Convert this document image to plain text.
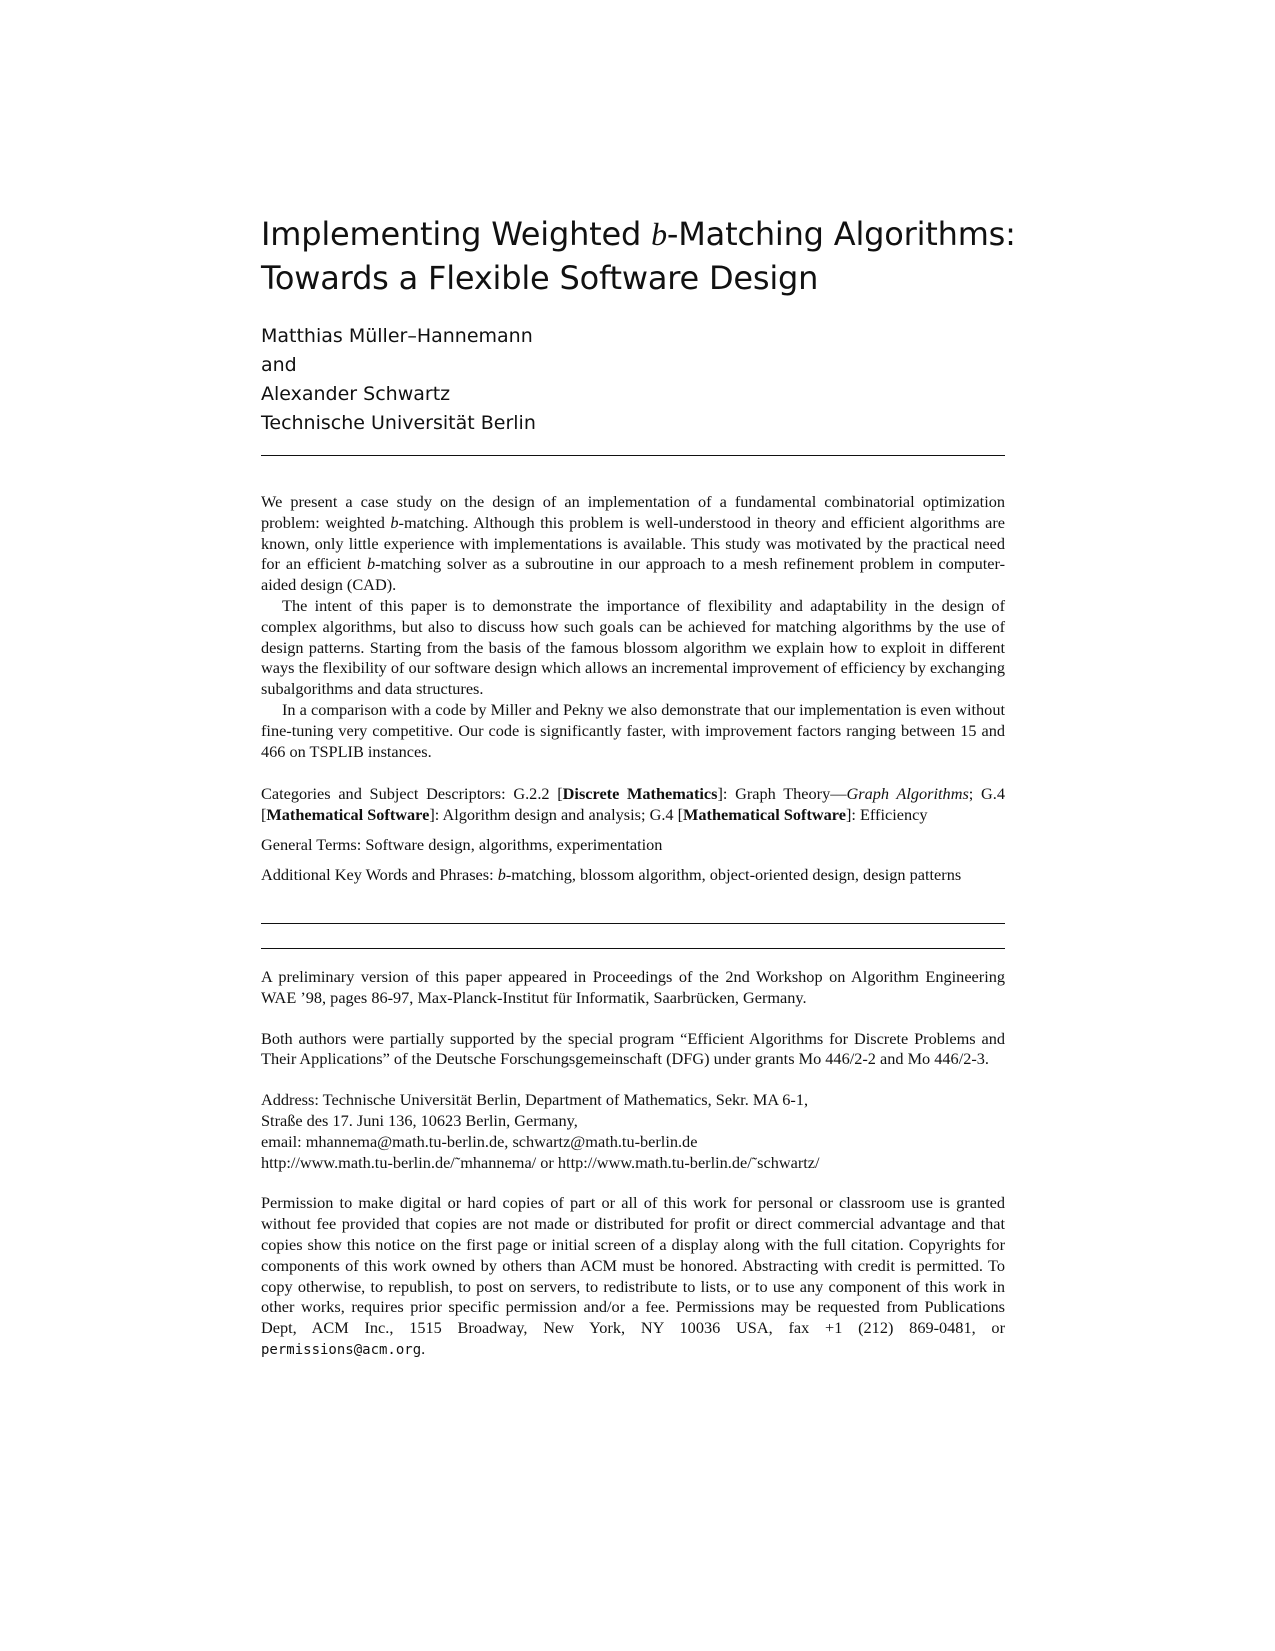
Implementing Weighted b-Matching Algorithms:
Towards a Flexible Software Design
Matthias Müller–Hannemann
and
Alexander Schwartz
Technische Universität Berlin

We present a case study on the design of an implementation of a fundamental combinatorial optimization problem: weighted b-matching. Although this problem is well-understood in theory and efficient algorithms are known, only little experience with implementations is available. This study was motivated by the practical need for an efficient b-matching solver as a subroutine in our approach to a mesh refinement problem in computer-aided design (CAD).

The intent of this paper is to demonstrate the importance of flexibility and adaptability in the design of complex algorithms, but also to discuss how such goals can be achieved for matching algorithms by the use of design patterns. Starting from the basis of the famous blossom algorithm we explain how to exploit in different ways the flexibility of our software design which allows an incremental improvement of efficiency by exchanging subalgorithms and data structures.

In a comparison with a code by Miller and Pekny we also demonstrate that our implementation is even without fine-tuning very competitive. Our code is significantly faster, with improvement factors ranging between 15 and 466 on TSPLIB instances.

Categories and Subject Descriptors: G.2.2 [Discrete Mathematics]: Graph Theory—Graph Algorithms; G.4 [Mathematical Software]: Algorithm design and analysis; G.4 [Mathematical Software]: Efficiency

General Terms: Software design, algorithms, experimentation

Additional Key Words and Phrases: b-matching, blossom algorithm, object-oriented design, design patterns

A preliminary version of this paper appeared in Proceedings of the 2nd Workshop on Algorithm Engineering WAE ’98, pages 86-97, Max-Planck-Institut für Informatik, Saarbrücken, Germany.

Both authors were partially supported by the special program “Efficient Algorithms for Discrete Problems and Their Applications” of the Deutsche Forschungsgemeinschaft (DFG) under grants Mo 446/2-2 and Mo 446/2-3.

Address: Technische Universität Berlin, Department of Mathematics, Sekr. MA 6-1,
Straße des 17. Juni 136, 10623 Berlin, Germany,
email: mhannema@math.tu-berlin.de, schwartz@math.tu-berlin.de
http://www.math.tu-berlin.de/˜mhannema/ or http://www.math.tu-berlin.de/˜schwartz/

Permission to make digital or hard copies of part or all of this work for personal or classroom use is granted without fee provided that copies are not made or distributed for profit or direct commercial advantage and that copies show this notice on the first page or initial screen of a display along with the full citation. Copyrights for components of this work owned by others than ACM must be honored. Abstracting with credit is permitted. To copy otherwise, to republish, to post on servers, to redistribute to lists, or to use any component of this work in other works, requires prior specific permission and/or a fee. Permissions may be requested from Publications Dept, ACM Inc., 1515 Broadway, New York, NY 10036 USA, fax +1 (212) 869-0481, or permissions@acm.org.
